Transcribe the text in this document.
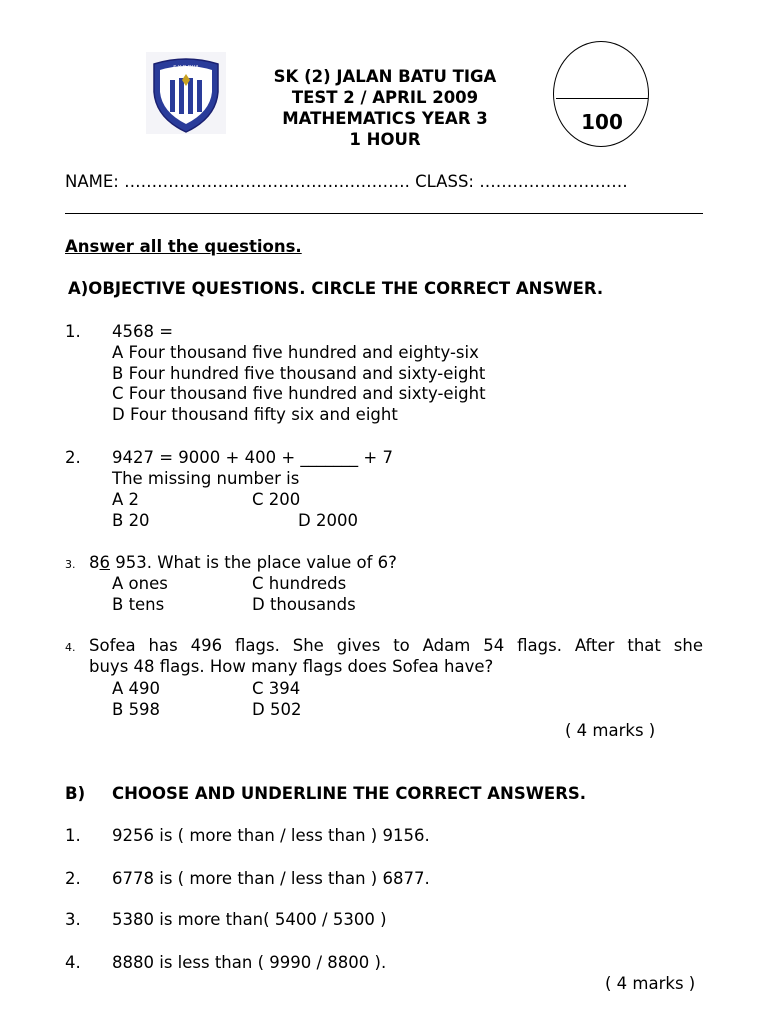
S.K.B.DUA	SK (2) JALAN BATU TIGA
TEST 2 / APRIL 2009
MATHEMATICS YEAR 3
1 HOUR
100
NAME: ……………………………………………. CLASS: ………………………
Answer all the questions.
A)OBJECTIVE QUESTIONS. CIRCLE THE CORRECT ANSWER.
1. 4568 =
A Four thousand five hundred and eighty-six
B Four hundred five thousand and sixty-eight
C Four thousand five hundred and sixty-eight
D Four thousand fifty six and eight
2. 9427 = 9000 + 400 + _______ + 7
The missing number is
A 2	C 200
B 20	D 2000
3. 86 953. What is the place value of 6?
A ones	C hundreds
B tens	D thousands
4. Sofea has 496 flags. She gives to Adam 54 flags. After that she
buys 48 flags. How many flags does Sofea have?
A 490	C 394
B 598	D 502
( 4 marks )
B) CHOOSE AND UNDERLINE THE CORRECT ANSWERS.
1. 9256 is ( more than / less than ) 9156.
2. 6778 is ( more than / less than ) 6877.
3. 5380 is more than( 5400 / 5300 )
4. 8880 is less than ( 9990 / 8800 ).
( 4 marks )
